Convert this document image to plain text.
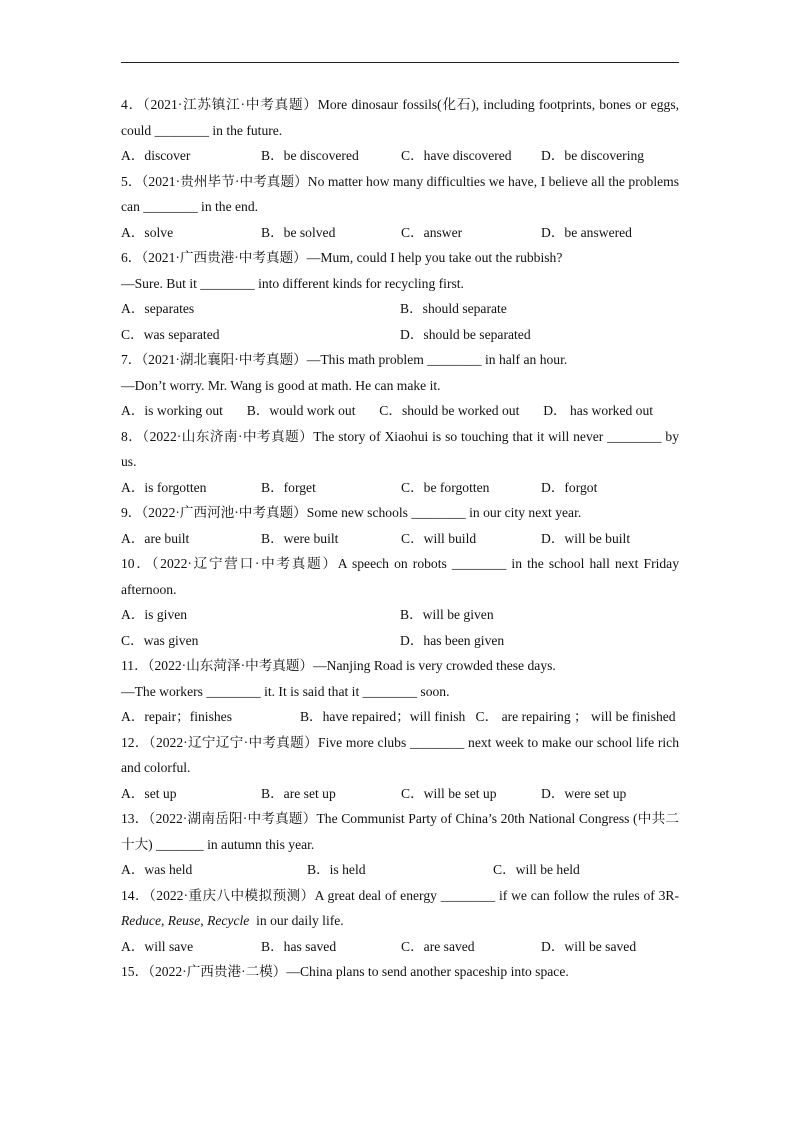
4．（2021·江苏镇江·中考真题）More dinosaur fossils(化石), including footprints, bones or eggs, could ________ in the future.
A．discover	B．be discovered	C．have discovered	D．be discovering
5．（2021·贵州毕节·中考真题）No matter how many difficulties we have, I believe all the problems can ________ in the end.
A．solve	B．be solved	C．answer	D．be answered
6．（2021·广西贵港·中考真题）—Mum, could I help you take out the rubbish?
—Sure. But it ________ into different kinds for recycling first.
A．separates	B．should separate
C．was separated	D．should be separated
7．（2021·湖北襄阳·中考真题）—This math problem ________ in half an hour.
—Don’t worry. Mr. Wang is good at math. He can make it.
A．is working out B．would work out C．should be worked out D． has worked out
8．（2022·山东济南·中考真题）The story of Xiaohui is so touching that it will never ________ by us.
A．is forgotten	B．forget	C．be forgotten	D．forgot
9．（2022·广西河池·中考真题）Some new schools ________ in our city next year.
A．are built	B．were built	C．will build	D．will be built
10．（2022·辽宁营口·中考真题）A speech on robots ________ in the school hall next Friday afternoon.
A．is given	B．will be given
C．was given	D．has been given
11．（2022·山东菏泽·中考真题）—Nanjing Road is very crowded these days.
—The workers ________ it. It is said that it ________ soon.
A．repair；finishes	B．have repaired；will finish C． are repairing ； will be finished
12．（2022·辽宁辽宁·中考真题）Five more clubs ________ next week to make our school life rich and colorful.
A．set up	B．are set up	C．will be set up	D．were set up
13．（2022·湖南岳阳·中考真题）The Communist Party of China’s 20th National Congress (中共二十大) _______ in autumn this year.
A．was held	B．is held	C．will be held
14．（2022·重庆八中模拟预测）A great deal of energy ________ if we can follow the rules of 3R-Reduce, Reuse, Recycle  in our daily life.
A．will save	B．has saved	C．are saved	D．will be saved
15．（2022·广西贵港·二模）—China plans to send another spaceship into space.
